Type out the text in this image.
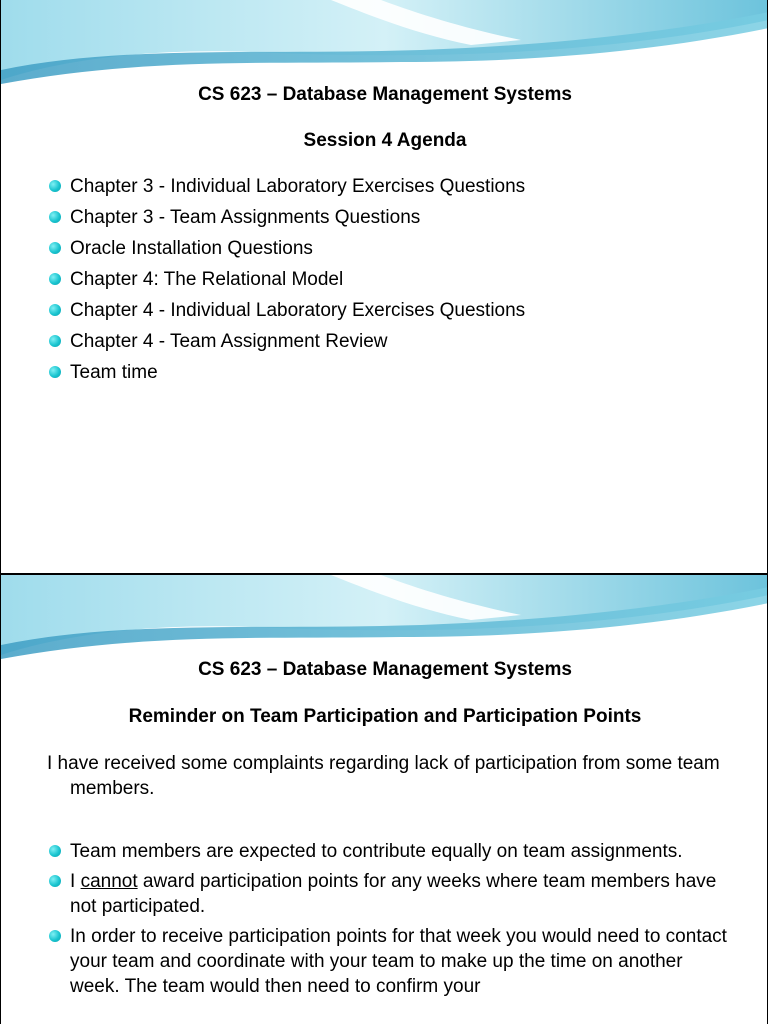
CS 623 – Database Management Systems
Session 4 Agenda
Chapter 3 - Individual Laboratory Exercises Questions
Chapter 3 - Team Assignments Questions
Oracle Installation Questions
Chapter 4: The Relational Model
Chapter 4 - Individual Laboratory Exercises Questions
Chapter 4 - Team Assignment Review
Team time
CS 623 – Database Management Systems
Reminder on Team Participation and Participation Points
I have received some complaints regarding lack of participation from some team members.
Team members are expected to contribute equally on team assignments.
I cannot award participation points for any weeks where team members have not participated.
In order to receive participation points for that week you would need to contact your team and coordinate with your team to make up the time on another week. The team would then need to confirm your
